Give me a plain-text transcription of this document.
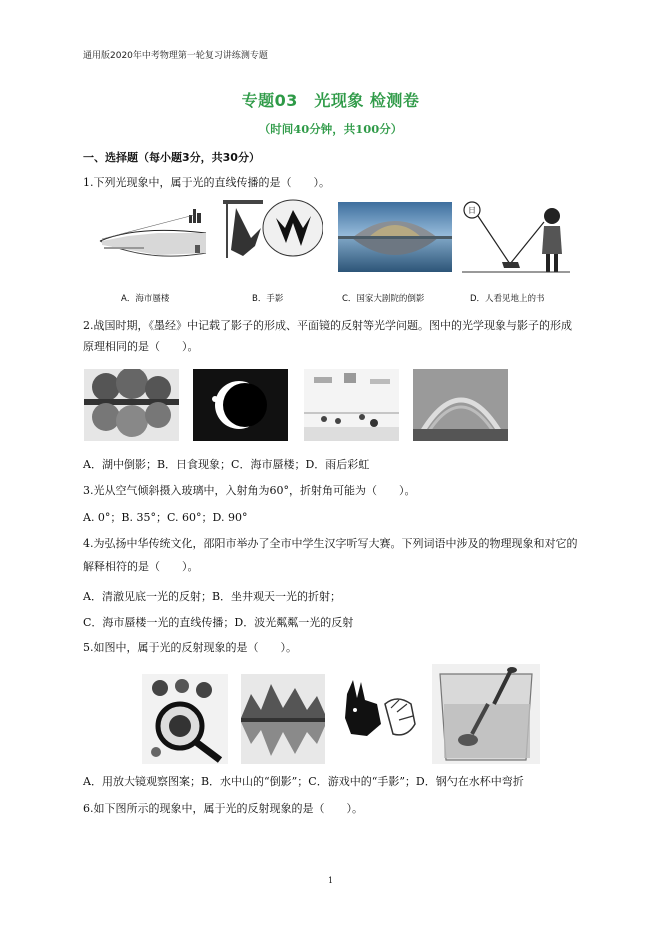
通用版2020年中考物理第一轮复习讲练测专题
专题03　光现象 检测卷
（时间40分钟，共100分）
一、选择题（每小题3分，共30分）
1.下列光现象中，属于光的直线传播的是（　　）。
日
A．海市蜃楼	B．手影	C．国家大剧院的倒影	D．人看见地上的书
2.战国时期，《墨经》中记载了影子的形成、平面镜的反射等光学问题。图中的光学现象与影子的形成
原理相同的是（　　）。
A．湖中倒影；B．日食现象；C．海市蜃楼；D．雨后彩虹
3.光从空气倾斜摄入玻璃中，入射角为60°，折射角可能为（　　）。
A. 0°；B. 35°；C. 60°；D. 90°
4.为弘扬中华传统文化，邵阳市举办了全市中学生汉字听写大赛。下列词语中涉及的物理现象和对它的
解释相符的是（　　）。
A．清澈见底一光的反射；B．坐井观天一光的折射；
C．海市蜃楼一光的直线传播；D．波光粼粼一光的反射
5.如图中，属于光的反射现象的是（　　）。
A．用放大镜观察图案；B．水中山的“倒影”；C．游戏中的“手影”；D．钢勺在水杯中弯折
6.如下图所示的现象中，属于光的反射现象的是（　　）。
1
